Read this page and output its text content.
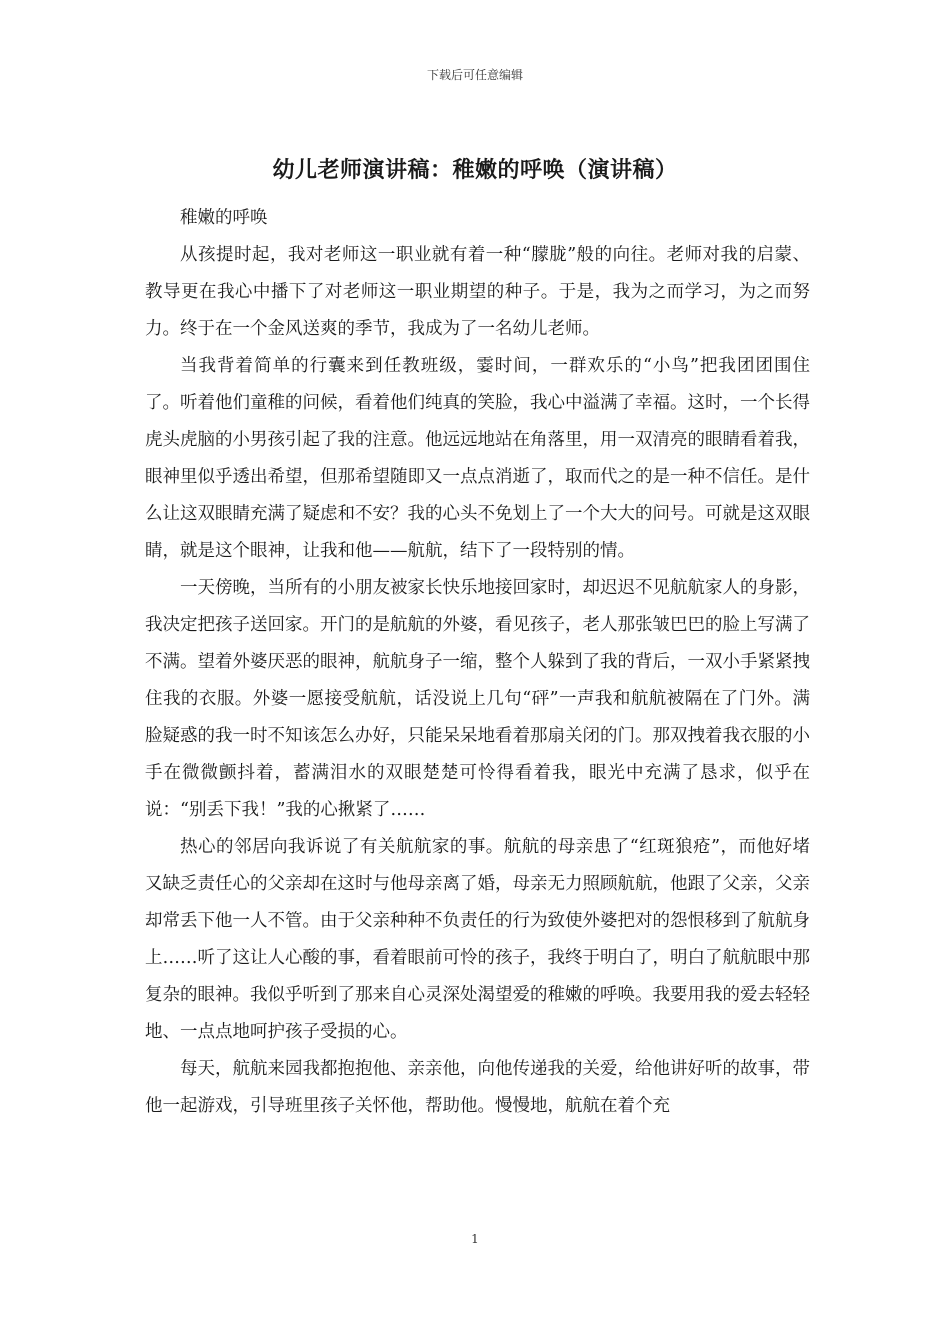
下载后可任意编辑
幼儿老师演讲稿：稚嫩的呼唤（演讲稿）

稚嫩的呼唤

从孩提时起，我对老师这一职业就有着一种“朦胧”般的向往。老师对我的启蒙、教导更在我心中播下了对老师这一职业期望的种子。于是，我为之而学习，为之而努力。终于在一个金风送爽的季节，我成为了一名幼儿老师。

当我背着简单的行囊来到任教班级，霎时间，一群欢乐的“小鸟”把我团团围住了。听着他们童稚的问候，看着他们纯真的笑脸，我心中溢满了幸福。这时，一个长得虎头虎脑的小男孩引起了我的注意。他远远地站在角落里，用一双清亮的眼睛看着我，眼神里似乎透出希望，但那希望随即又一点点消逝了，取而代之的是一种不信任。是什么让这双眼睛充满了疑虑和不安？我的心头不免划上了一个大大的问号。可就是这双眼睛，就是这个眼神，让我和他——航航，结下了一段特别的情。

一天傍晚，当所有的小朋友被家长快乐地接回家时，却迟迟不见航航家人的身影，我决定把孩子送回家。开门的是航航的外婆，看见孩子，老人那张皱巴巴的脸上写满了不满。望着外婆厌恶的眼神，航航身子一缩，整个人躲到了我的背后，一双小手紧紧拽住我的衣服。外婆一愿接受航航，话没说上几句“砰”一声我和航航被隔在了门外。满脸疑惑的我一时不知该怎么办好，只能呆呆地看着那扇关闭的门。那双拽着我衣服的小手在微微颤抖着，蓄满泪水的双眼楚楚可怜得看着我，眼光中充满了恳求，似乎在说：“别丢下我！”我的心揪紧了……

热心的邻居向我诉说了有关航航家的事。航航的母亲患了“红斑狼疮”，而他好堵又缺乏责任心的父亲却在这时与他母亲离了婚，母亲无力照顾航航，他跟了父亲，父亲却常丢下他一人不管。由于父亲种种不负责任的行为致使外婆把对的怨恨移到了航航身上……听了这让人心酸的事，看着眼前可怜的孩子，我终于明白了，明白了航航眼中那复杂的眼神。我似乎听到了那来自心灵深处渴望爱的稚嫩的呼唤。我要用我的爱去轻轻地、一点点地呵护孩子受损的心。

每天，航航来园我都抱抱他、亲亲他，向他传递我的关爱，给他讲好听的故事，带他一起游戏，引导班里孩子关怀他，帮助他。慢慢地，航航在着个充

1
